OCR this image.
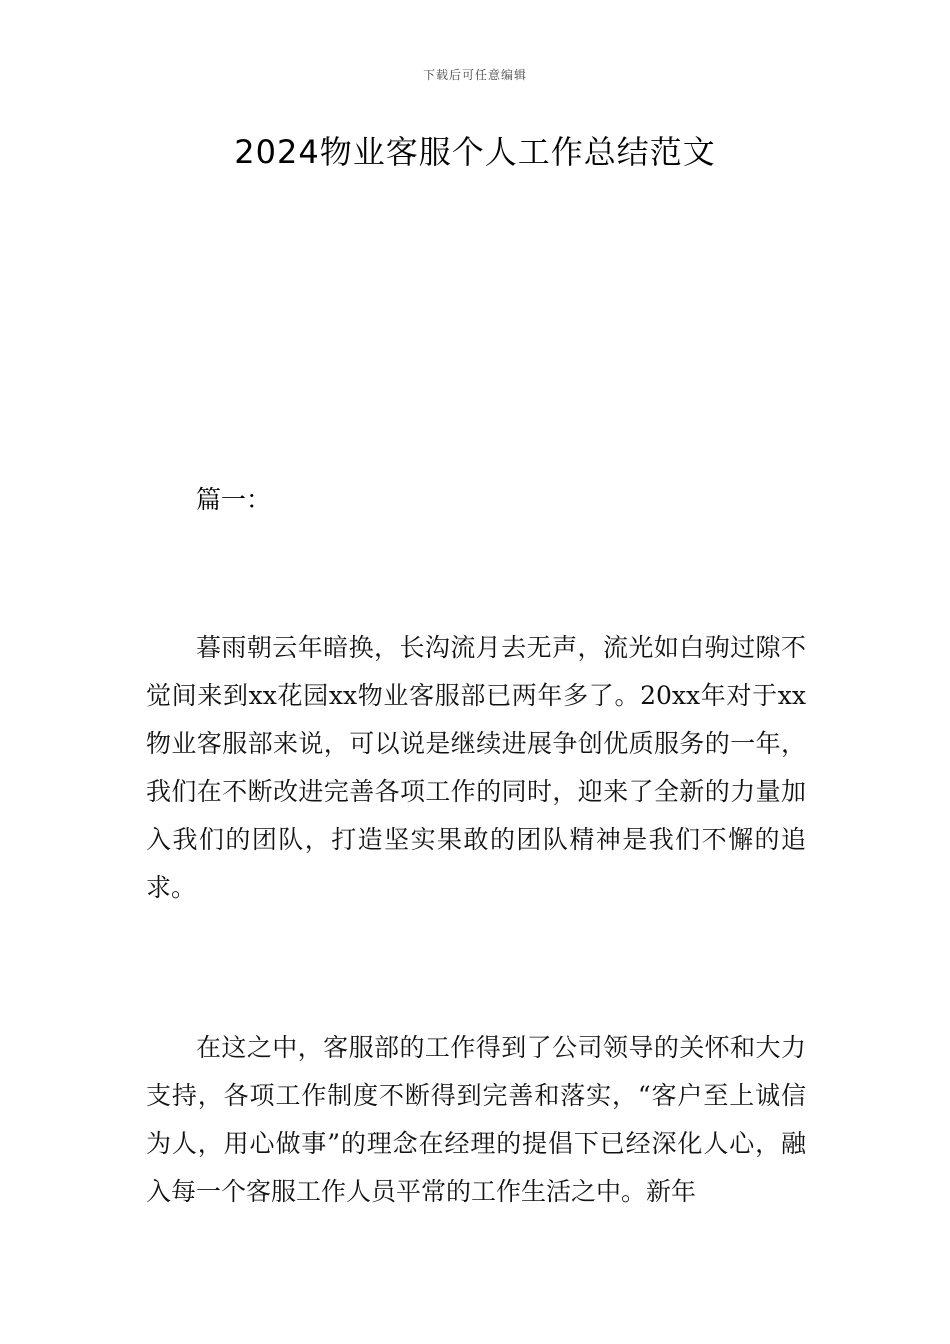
下载后可任意编辑
2024物业客服个人工作总结范文
篇一：

暮雨朝云年暗换，长沟流月去无声，流光如白驹过隙不觉间来到xx花园xx物业客服部已两年多了。20xx年对于xx物业客服部来说，可以说是继续进展争创优质服务的一年，我们在不断改进完善各项工作的同时，迎来了全新的力量加入我们的团队，打造坚实果敢的团队精神是我们不懈的追求。

在这之中，客服部的工作得到了公司领导的关怀和大力支持，各项工作制度不断得到完善和落实，“客户至上诚信为人，用心做事”的理念在经理的提倡下已经深化人心，融入每一个客服工作人员平常的工作生活之中。新年
